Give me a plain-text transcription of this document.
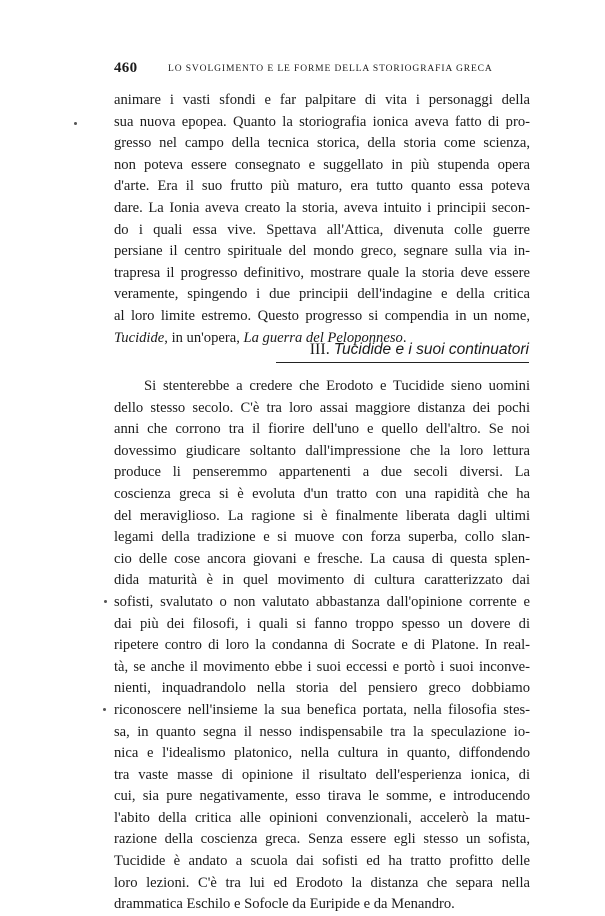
460	LO SVOLGIMENTO E LE FORME DELLA STORIOGRAFIA GRECA
animare i vasti sfondi e far palpitare di vita i personaggi della
sua nuova epopea. Quanto la storiografia ionica aveva fatto di pro-
gresso nel campo della tecnica storica, della storia come scienza,
non poteva essere consegnato e suggellato in più stupenda opera
d'arte. Era il suo frutto più maturo, era tutto quanto essa poteva
dare. La Ionia aveva creato la storia, aveva intuito i principii secon-
do i quali essa vive. Spettava all'Attica, divenuta colle guerre
persiane il centro spirituale del mondo greco, segnare sulla via in-
trapresa il progresso definitivo, mostrare quale la storia deve essere
veramente, spingendo i due principii dell'indagine e della critica
al loro limite estremo. Questo progresso si compendia in un nome,
Tucidide, in un'opera, La guerra del Peloponneso.
III. Tucidide e i suoi continuatori
Si stenterebbe a credere che Erodoto e Tucidide sieno uomini
dello stesso secolo. C'è tra loro assai maggiore distanza dei pochi
anni che corrono tra il fiorire dell'uno e quello dell'altro. Se noi
dovessimo giudicare soltanto dall'impressione che la loro lettura
produce li penseremmo appartenenti a due secoli diversi. La
coscienza greca si è evoluta d'un tratto con una rapidità che ha
del meraviglioso. La ragione si è finalmente liberata dagli ultimi
legami della tradizione e si muove con forza superba, collo slan-
cio delle cose ancora giovani e fresche. La causa di questa splen-
dida maturità è in quel movimento di cultura caratterizzato dai
sofisti, svalutato o non valutato abbastanza dall'opinione corrente e
dai più dei filosofi, i quali si fanno troppo spesso un dovere di
ripetere contro di loro la condanna di Socrate e di Platone. In real-
tà, se anche il movimento ebbe i suoi eccessi e portò i suoi inconve-
nienti, inquadrandolo nella storia del pensiero greco dobbiamo
riconoscere nell'insieme la sua benefica portata, nella filosofia stes-
sa, in quanto segna il nesso indispensabile tra la speculazione io-
nica e l'idealismo platonico, nella cultura in quanto, diffondendo
tra vaste masse di opinione il risultato dell'esperienza ionica, di
cui, sia pure negativamente, esso tirava le somme, e introducendo
l'abito della critica alle opinioni convenzionali, accelerò la matu-
razione della coscienza greca. Senza essere egli stesso un sofista,
Tucidide è andato a scuola dai sofisti ed ha tratto profitto delle
loro lezioni. C'è tra lui ed Erodoto la distanza che separa nella
drammatica Eschilo e Sofocle da Euripide e da Menandro.
